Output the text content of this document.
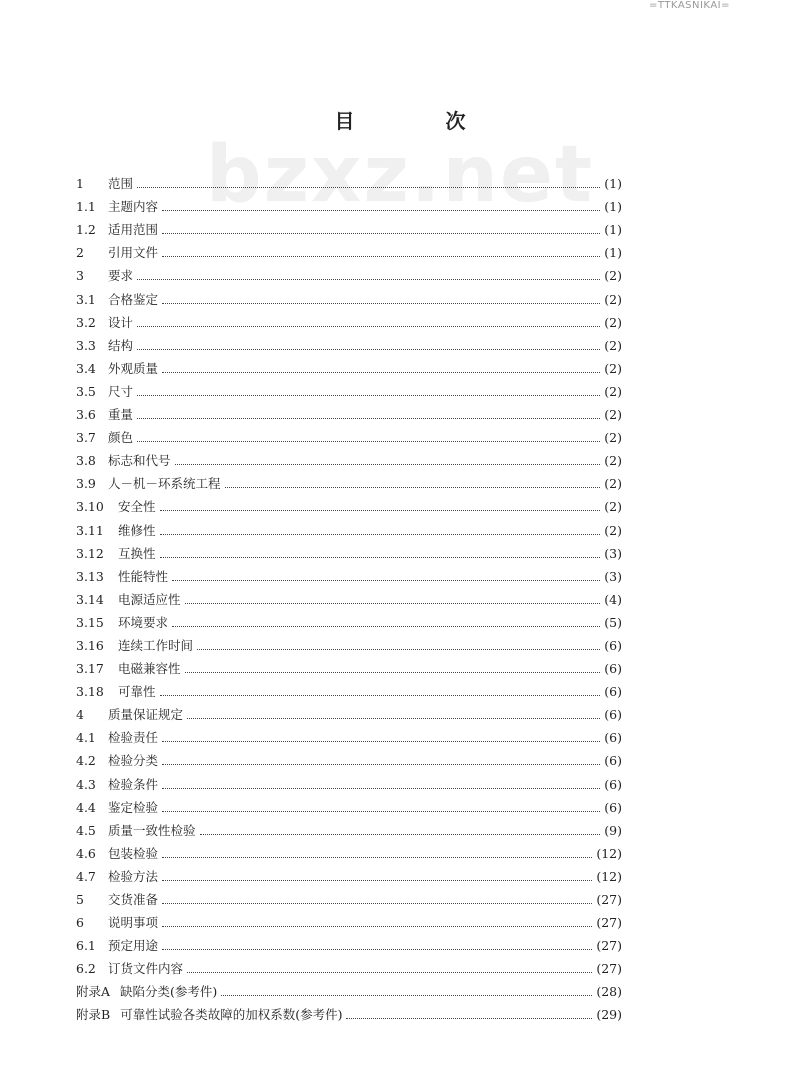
=TTKASNIKAI=
bzxz.net
目 次
1	范围	(1)
1.1 主题内容	(1)
1.2 适用范围	(1)
2	引用文件	(1)
3	要求	(2)
3.1 合格鉴定	(2)
3.2 设计	(2)
3.3 结构	(2)
3.4 外观质量	(2)
3.5 尺寸	(2)
3.6 重量	(2)
3.7 颜色	(2)
3.8 标志和代号	(2)
3.9 人－机－环系统工程	(2)
3.10	安全性	(2)
3.11	维修性	(2)
3.12	互换性	(3)
3.13	性能特性	(3)
3.14	电源适应性	(4)
3.15	环境要求	(5)
3.16	连续工作时间	(6)
3.17	电磁兼容性	(6)
3.18	可靠性	(6)
4	质量保证规定	(6)
4.1 检验责任	(6)
4.2 检验分类	(6)
4.3 检验条件	(6)
4.4 鉴定检验	(6)
4.5 质量一致性检验	(9)
4.6 包装检验	(12)
4.7 检验方法	(12)
5	交货准备	(27)
6	说明事项	(27)
6.1 预定用途	(27)
6.2 订货文件内容	(27)
附录A 缺陷分类(参考件)	(28)
附录B 可靠性试验各类故障的加权系数(参考件)	(29)
